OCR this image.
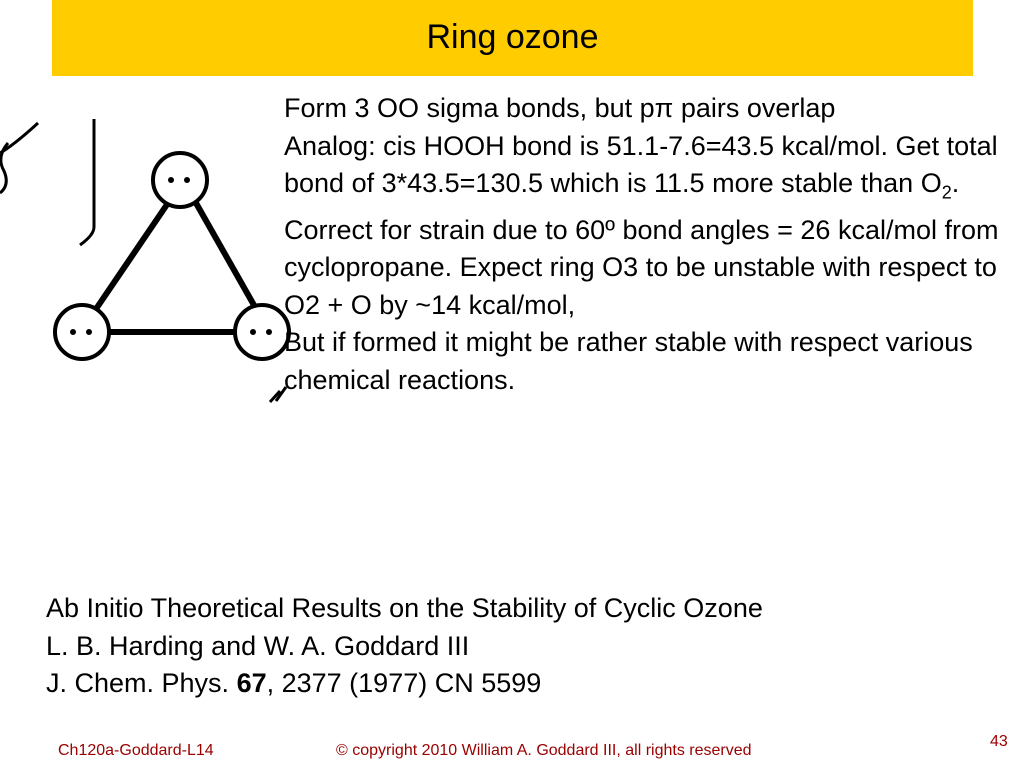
Ring ozone

Form 3 OO sigma bonds, but pπ pairs overlap

Analog: cis HOOH bond is 51.1-7.6=43.5 kcal/mol. Get total bond of 3*43.5=130.5 which is 11.5 more stable than $O_2$.

Correct for strain due to 60º bond angles = 26 kcal/mol from cyclopropane. Expect ring O3 to be unstable with respect to O2 + O by ~14 kcal/mol,

But if formed it might be rather stable with respect various chemical reactions.

Ab Initio Theoretical Results on the Stability of Cyclic Ozone

L. B. Harding and W. A. Goddard III

J. Chem. Phys. 67, 2377 (1977) CN 5599

Ch120a-Goddard-L14	© copyright 2010 William A. Goddard III, all rights reserved
43
